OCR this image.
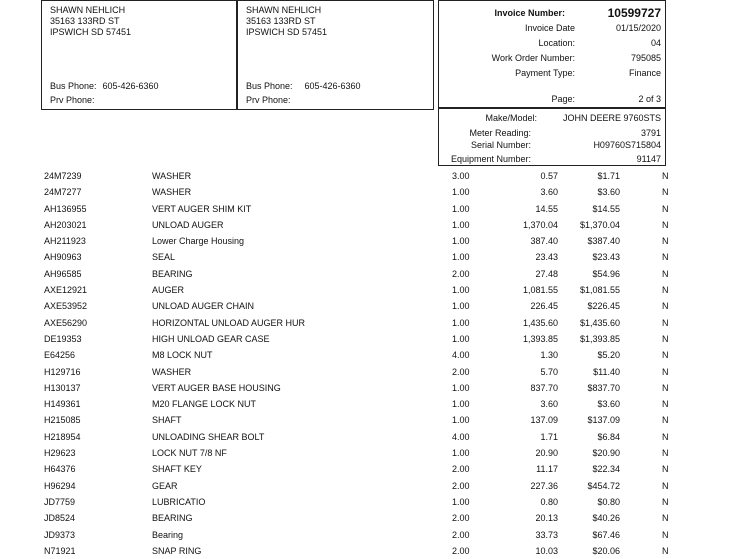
SHAWN NEHLICH
35163 133RD ST
IPSWICH SD 57451
Bus Phone: 605-426-6360
Prv Phone:
SHAWN NEHLICH
35163 133RD ST
IPSWICH SD 57451
Bus Phone: 605-426-6360
Prv Phone:
Invoice Number:	10599727
Invoice Date	01/15/2020
Location:	04
Work Order Number:	795085
Payment Type:	Finance
Page:	2 of 3
Make/Model:	JOHN DEERE 9760STS
Meter Reading:	3791
Serial Number:	H09760S715804
Equipment Number:	91147
24M7239	WASHER	3.00	0.57	$1.71	N
24M7277	WASHER	1.00	3.60	$3.60	N
AH136955	VERT AUGER SHIM KIT	1.00	14.55	$14.55	N
AH203021	UNLOAD AUGER	1.00	1,370.04 $1,370.04	N
AH211923	Lower Charge Housing	1.00	387.40	$387.40	N
AH90963	SEAL	1.00	23.43	$23.43	N
AH96585	BEARING	2.00	27.48	$54.96	N
AXE12921	AUGER	1.00	1,081.55 $1,081.55	N
AXE53952	UNLOAD AUGER CHAIN	1.00	226.45	$226.45	N
AXE56290	HORIZONTAL UNLOAD AUGER HUR	1.00	1,435.60 $1,435.60	N
DE19353	HIGH UNLOAD GEAR CASE	1.00	1,393.85 $1,393.85	N
E64256	M8 LOCK NUT	4.00	1.30	$5.20	N
H129716	WASHER	2.00	5.70	$11.40	N
H130137	VERT AUGER BASE HOUSING	1.00	837.70	$837.70	N
H149361	M20 FLANGE LOCK NUT	1.00	3.60	$3.60	N
H215085	SHAFT	1.00	137.09	$137.09	N
H218954	UNLOADING SHEAR BOLT	4.00	1.71	$6.84	N
H29623	LOCK NUT 7/8 NF	1.00	20.90	$20.90	N
H64376	SHAFT KEY	2.00	11.17	$22.34	N
H96294	GEAR	2.00	227.36	$454.72	N
JD7759	LUBRICATIO	1.00	0.80	$0.80	N
JD8524	BEARING	2.00	20.13	$40.26	N
JD9373	Bearing	2.00	33.73	$67.46	N
N71921	SNAP RING	2.00	10.03	$20.06	N
